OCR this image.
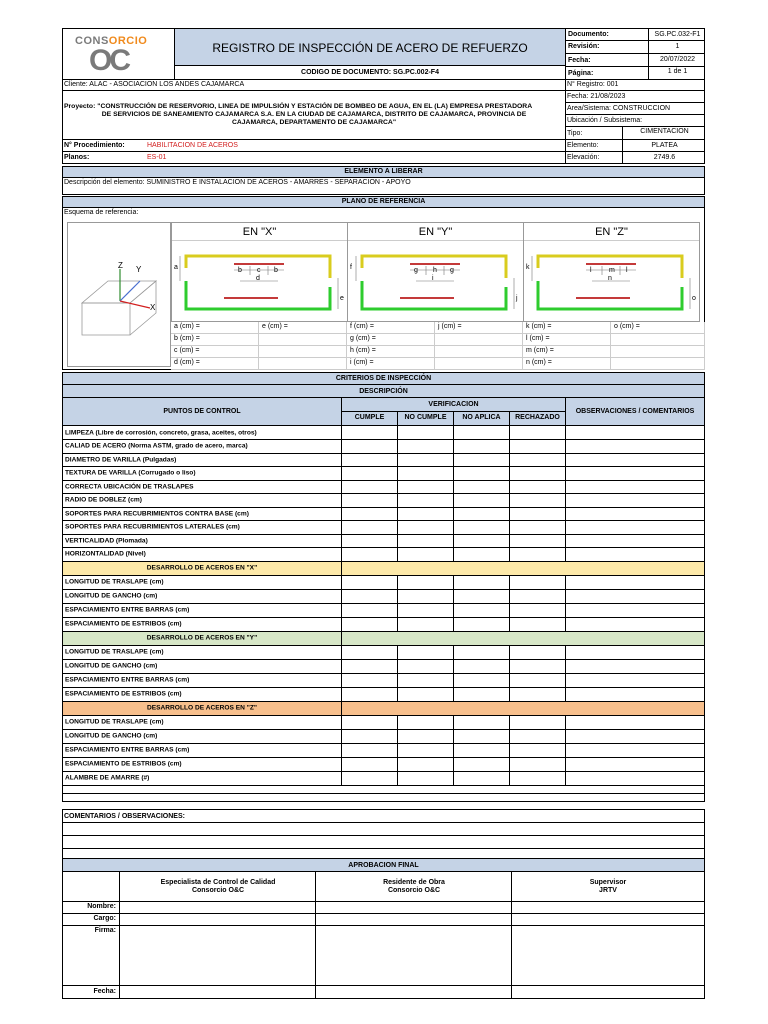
CONSORCIO
OC	REGISTRO DE INSPECCIÓN DE ACERO DE REFUERZO
CODIGO DE DOCUMENTO: SG.PC.002-F4
Documento:	SG.PC.032-F1
Revisión:	1
Fecha:	20/07/2022
Página:	1 de 1
Cliente: ALAC - ASOCIACION LOS ANDES CAJAMARCA	N° Registro: 001
Proyecto: "CONSTRUCCIÓN DE RESERVORIO, LINEA DE IMPULSIÓN Y ESTACIÓN DE BOMBEO DE AGUA, EN EL (LA) EMPRESA PRESTADORA
DE SERVICIOS DE SANEAMIENTO CAJAMARCA S.A. EN LA CIUDAD DE CAJAMARCA, DISTRITO DE CAJAMARCA, PROVINCIA DE
CAJAMARCA, DEPARTAMENTO DE CAJAMARCA"
Fecha: 21/08/2023
Area/Sistema: CONSTRUCCION
Ubicación / Subsistema:
Tipo:	CIMENTACION
N° Procedimiento:	HABILITACION DE ACEROS	Elemento:	PLATEA
Planos:	ES-01	Elevación:	2749.6
ELEMENTO A LIBERAR
Descripción del elemento: SUMINISTRO E INSTALACION DE ACEROS - AMARRES - SEPARACION - APOYO
PLANO DE REFERENCIA
Esquema de referencia:
Z Y
X
EN "X"
a
e
b c b
d
EN "Y"
f
j
g h g
i
EN "Z"
k
o
l m l
n
a (cm) =	e (cm) =	f (cm) =	j (cm) =	k (cm) =	o (cm) =
b (cm) =	g (cm) =	l (cm) =
c (cm) =	h (cm) =	m (cm) =
d (cm) =	i (cm) =	n (cm) =
CRITERIOS DE INSPECCIÓN
DESCRIPCIÓN
PUNTOS DE CONTROL
VERIFICACION
CUMPLE	NO CUMPLE	NO APLICA	RECHAZADO
OBSERVACIONES / COMENTARIOS
LIMPEZA (Libre de corrosión, concreto, grasa, aceites, otros)
CALIAD DE ACERO (Norma ASTM, grado de acero, marca)
DIAMETRO DE VARILLA (Pulgadas)
TEXTURA DE VARILLA (Corrugado o liso)
CORRECTA UBICACIÓN DE TRASLAPES
RADIO DE DOBLEZ (cm)
SOPORTES PARA RECUBRIMIENTOS CONTRA BASE (cm)
SOPORTES PARA RECUBRIMIENTOS LATERALES (cm)
VERTICALIDAD (Plomada)
HORIZONTALIDAD (Nivel)
DESARROLLO DE ACEROS EN "X"
LONGITUD DE TRASLAPE (cm)
LONGITUD DE GANCHO (cm)
ESPACIAMIENTO ENTRE BARRAS (cm)
ESPACIAMIENTO DE ESTRIBOS (cm)
DESARROLLO DE ACEROS EN "Y"
LONGITUD DE TRASLAPE (cm)
LONGITUD DE GANCHO (cm)
ESPACIAMIENTO ENTRE BARRAS (cm)
ESPACIAMIENTO DE ESTRIBOS (cm)
DESARROLLO DE ACEROS EN "Z"
LONGITUD DE TRASLAPE (cm)
LONGITUD DE GANCHO (cm)
ESPACIAMIENTO ENTRE BARRAS (cm)
ESPACIAMIENTO DE ESTRIBOS (cm)
ALAMBRE DE AMARRE (#)
COMENTARIOS / OBSERVACIONES:
APROBACION FINAL
Especialista de Control de Calidad
Consorcio O&C
Residente de Obra
Consorcio O&C
Supervisor
JRTV
Nombre:
Cargo:
Firma:
Fecha:
